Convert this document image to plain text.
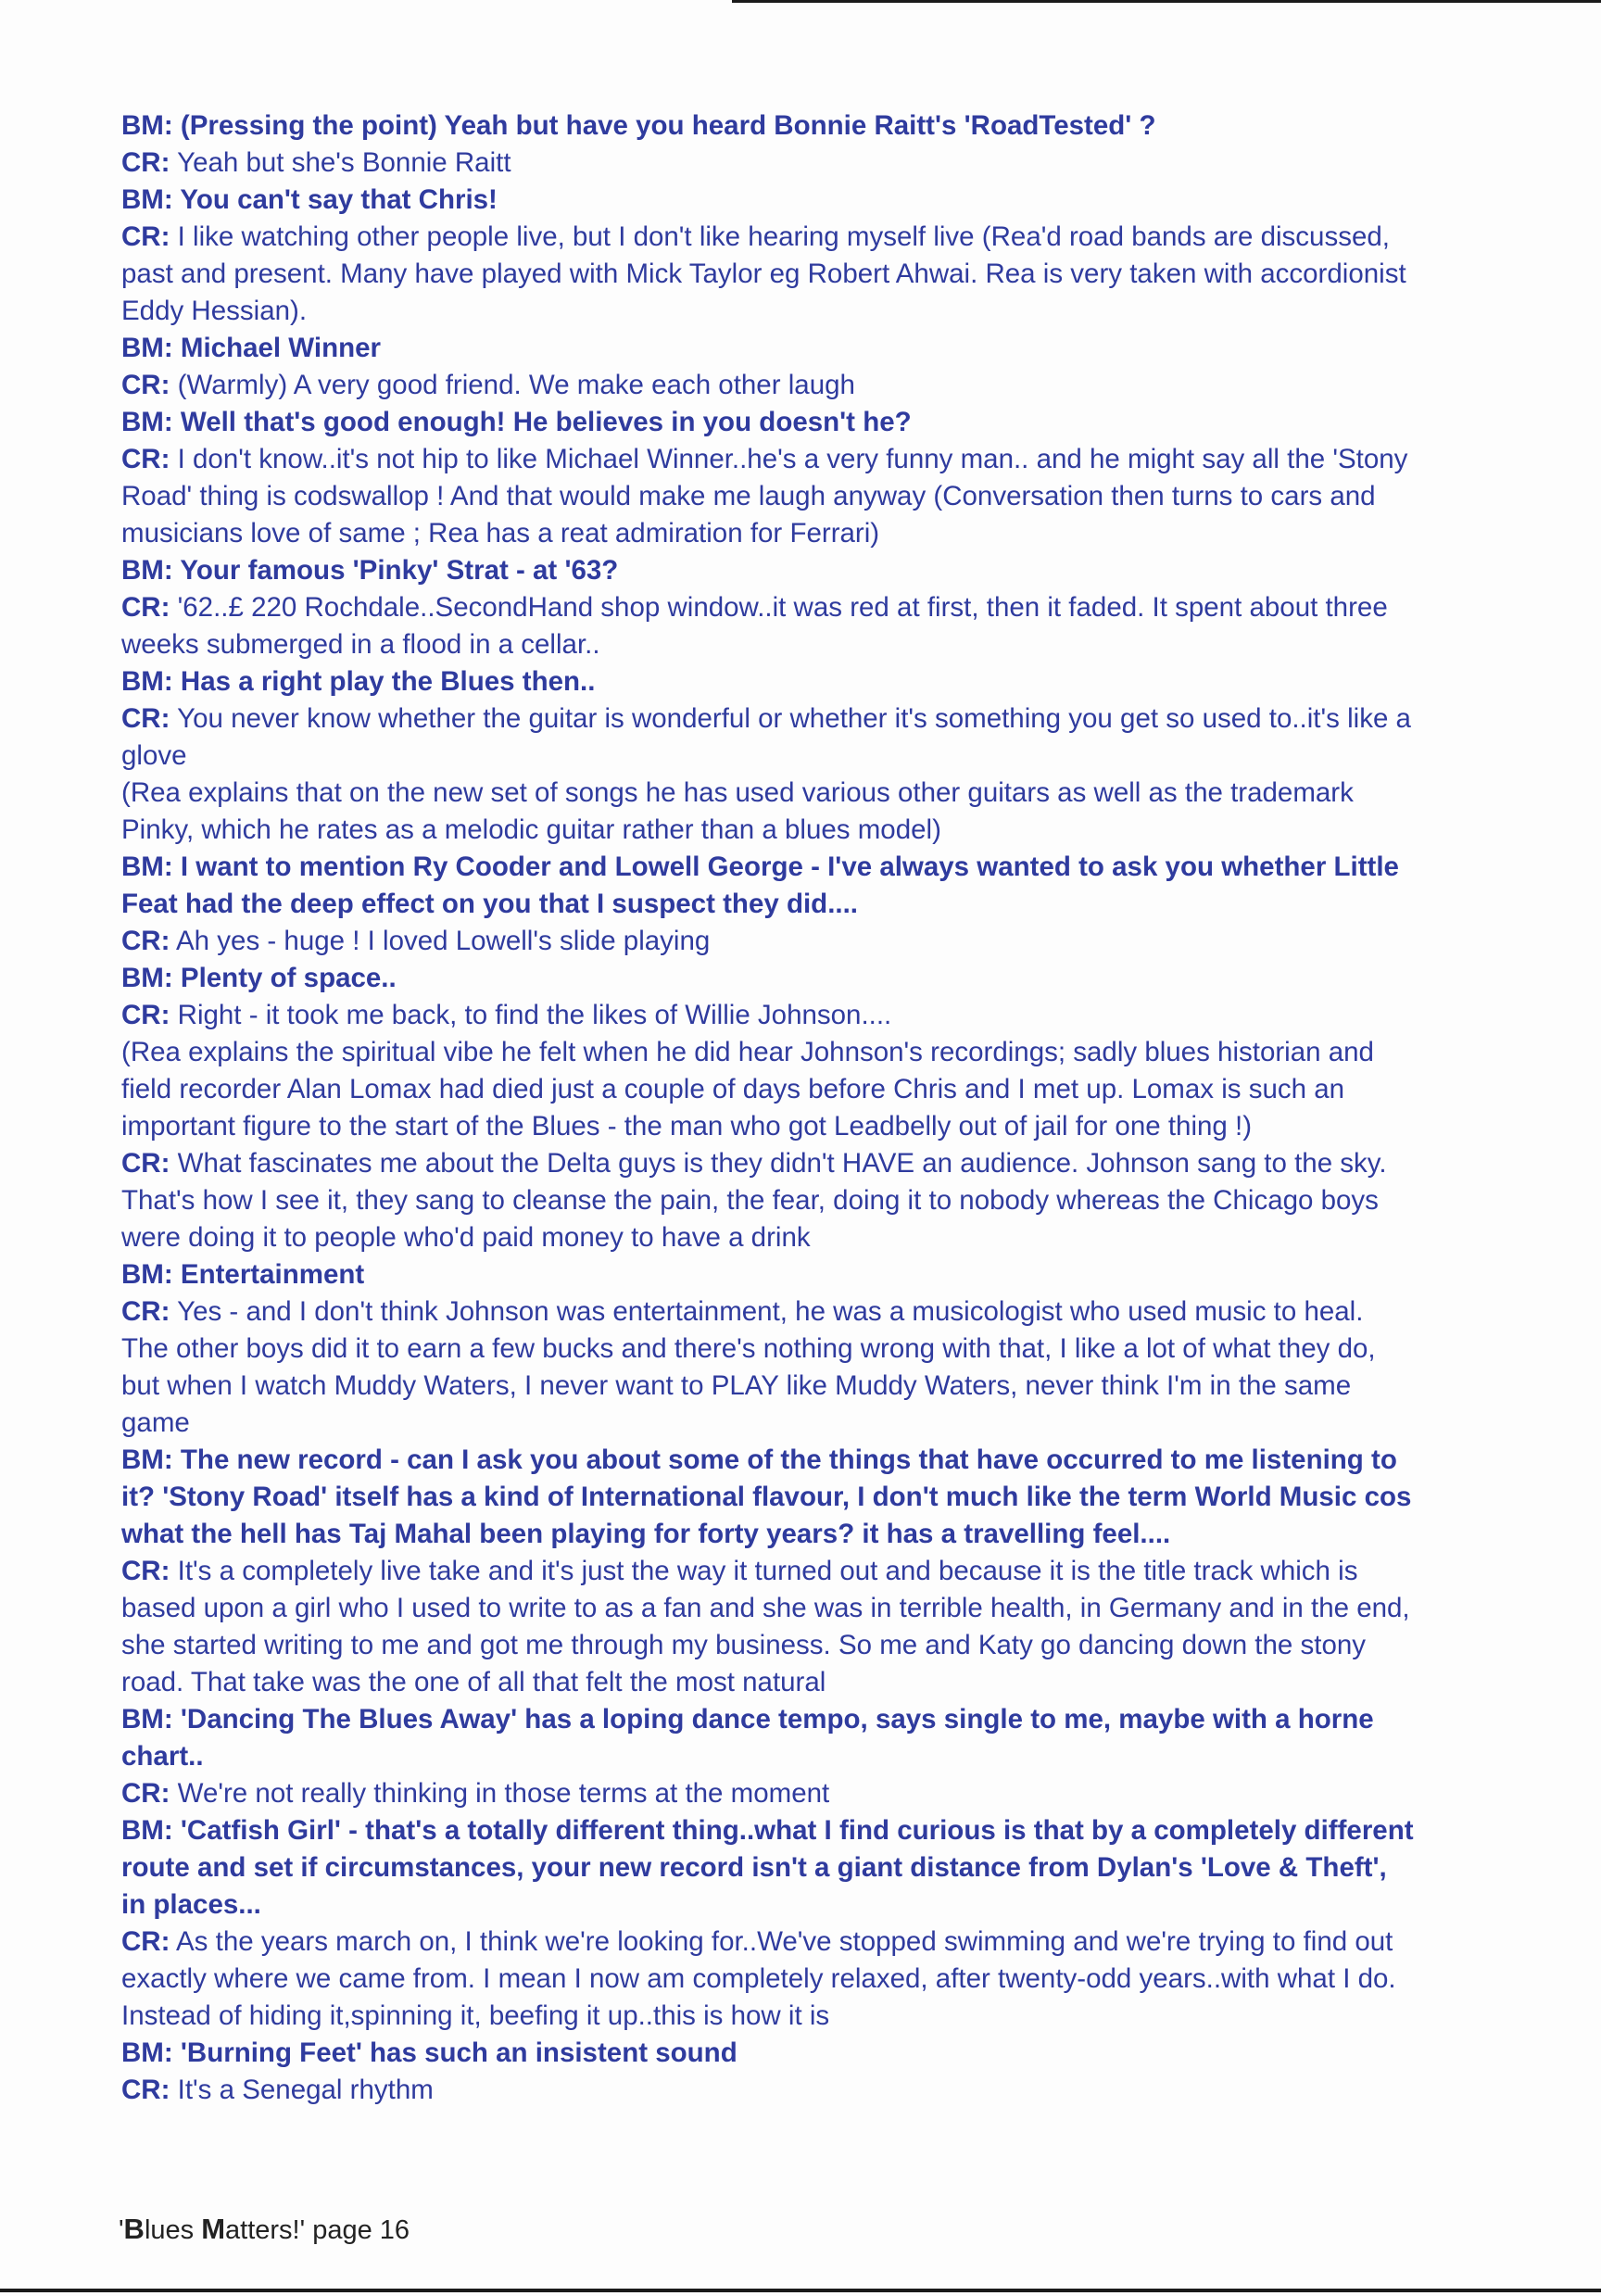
BM: (Pressing the point) Yeah but have you heard Bonnie Raitt's 'RoadTested' ?

CR: Yeah but she's Bonnie Raitt

BM: You can't say that Chris!

CR: I like watching other people live, but I don't like hearing myself live (Rea'd road bands are discussed,

past and present. Many have played with Mick Taylor eg Robert Ahwai. Rea is very taken with accordionist

Eddy Hessian).

BM: Michael Winner

CR: (Warmly) A very good friend. We make each other laugh

BM: Well that's good enough! He believes in you doesn't he?

CR: I don't know..it's not hip to like Michael Winner..he's a very funny man.. and he might say all the 'Stony

Road' thing is codswallop ! And that would make me laugh anyway (Conversation then turns to cars and

musicians love of same ; Rea has a reat admiration for Ferrari)

BM: Your famous 'Pinky' Strat - at '63?

CR: '62..£ 220 Rochdale..SecondHand shop window..it was red at first, then it faded. It spent about three

weeks submerged in a flood in a cellar..

BM: Has a right play the Blues then..

CR: You never know whether the guitar is wonderful or whether it's something you get so used to..it's like a

glove

(Rea explains that on the new set of songs he has used various other guitars as well as the trademark

Pinky, which he rates as a melodic guitar rather than a blues model)

BM: I want to mention Ry Cooder and Lowell George - I've always wanted to ask you whether Little

Feat had the deep effect on you that I suspect they did....

CR: Ah yes - huge ! I loved Lowell's slide playing

BM: Plenty of space..

CR: Right - it took me back, to find the likes of Willie Johnson....

(Rea explains the spiritual vibe he felt when he did hear Johnson's recordings; sadly blues historian and

field recorder Alan Lomax had died just a couple of days before Chris and I met up. Lomax is such an

important figure to the start of the Blues - the man who got Leadbelly out of jail for one thing !)

CR: What fascinates me about the Delta guys is they didn't HAVE an audience. Johnson sang to the sky.

That's how I see it, they sang to cleanse the pain, the fear, doing it to nobody whereas the Chicago boys

were doing it to people who'd paid money to have a drink

BM: Entertainment

CR: Yes - and I don't think Johnson was entertainment, he was a musicologist who used music to heal.

The other boys did it to earn a few bucks and there's nothing wrong with that, I like a lot of what they do,

but when I watch Muddy Waters, I never want to PLAY like Muddy Waters, never think I'm in the same

game

BM: The new record - can I ask you about some of the things that have occurred to me listening to

it? 'Stony Road' itself has a kind of International flavour, I don't much like the term World Music cos

what the hell has Taj Mahal been playing for forty years? it has a travelling feel....

CR: It's a completely live take and it's just the way it turned out and because it is the title track which is

based upon a girl who I used to write to as a fan and she was in terrible health, in Germany and in the end,

she started writing to me and got me through my business. So me and Katy go dancing down the stony

road. That take was the one of all that felt the most natural

BM: 'Dancing The Blues Away' has a loping dance tempo, says single to me, maybe with a horne

chart..

CR: We're not really thinking in those terms at the moment

BM: 'Catfish Girl' - that's a totally different thing..what I find curious is that by a completely different

route and set if circumstances, your new record isn't a giant distance from Dylan's 'Love & Theft',

in places...

CR: As the years march on, I think we're looking for..We've stopped swimming and we're trying to find out

exactly where we came from. I mean I now am completely relaxed, after twenty-odd years..with what I do.

Instead of hiding it,spinning it, beefing it up..this is how it is

BM: 'Burning Feet' has such an insistent sound

CR: It's a Senegal rhythm

'Blues Matters!' page 16
